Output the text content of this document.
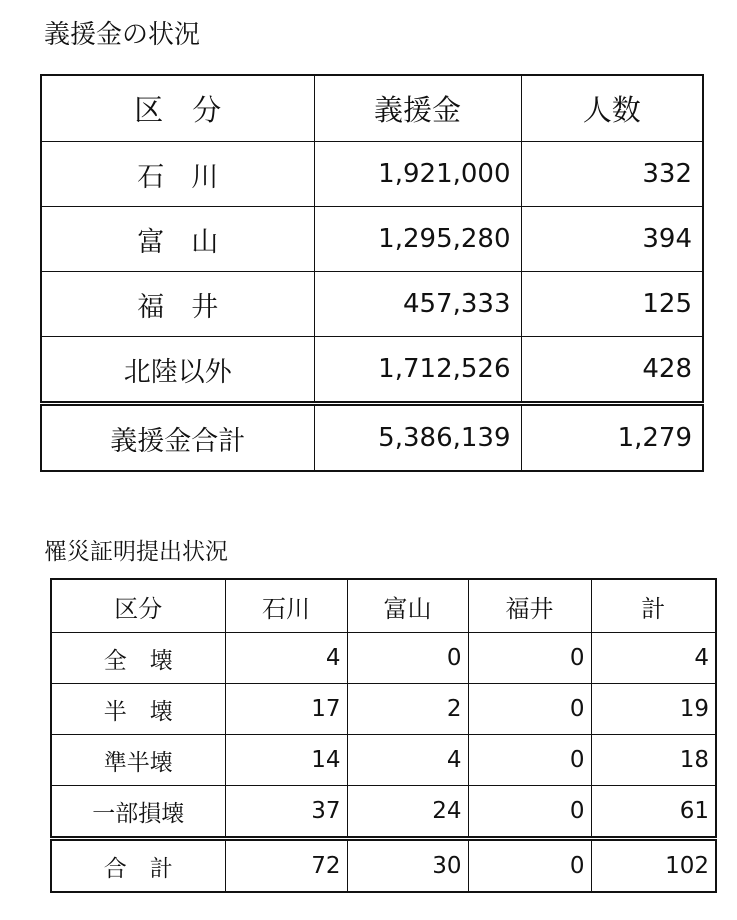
義援金の状況
区　分	義援金	人数
石　川	1,921,000	332
富　山	1,295,280	394
福　井	457,333	125
北陸以外	1,712,526	428
義援金合計	5,386,139	1,279
罹災証明提出状況
区分	石川	富山	福井	計
全　壊	4	0	0	4
半　壊	17	2	0	19
準半壊	14	4	0	18
一部損壊	37	24	0	61
合　計	72	30	0	102
